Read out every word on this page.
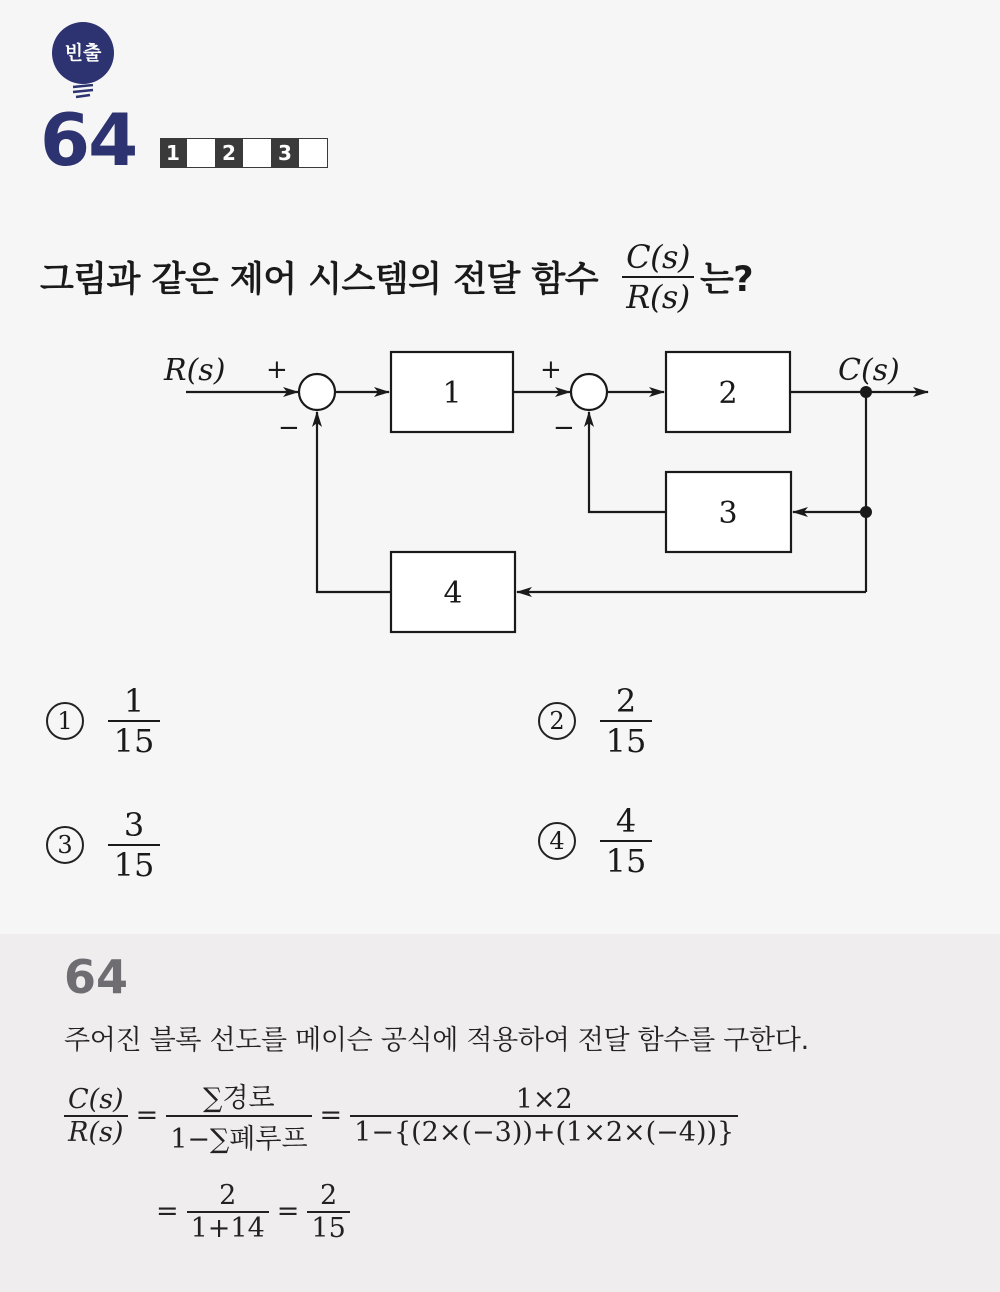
빈출
64	1	2	3
그림과 같은 제어 시스템의 전달 함수 $\frac{C(s)}{R(s)}$ 는?
R(s)	C(s)
+
−
+
−
1	2
3
4
1	$\frac{1}{15}$	2	$\frac{2}{15}$
3	$\frac{3}{15}$	4	$\frac{4}{15}$
64
주어진 블록 선도를 메이슨 공식에 적용하여 전달 함수를 구한다.
$\frac{C(s)}{R(s)} = \frac{\text{∑경로}}{\text{1−∑폐루프}} = \frac{1\times 2}{1-\{(2\times(-3))+(1\times 2\times(-4))\}}$
= $\frac{2}{1+14} = \frac{2}{15}$
